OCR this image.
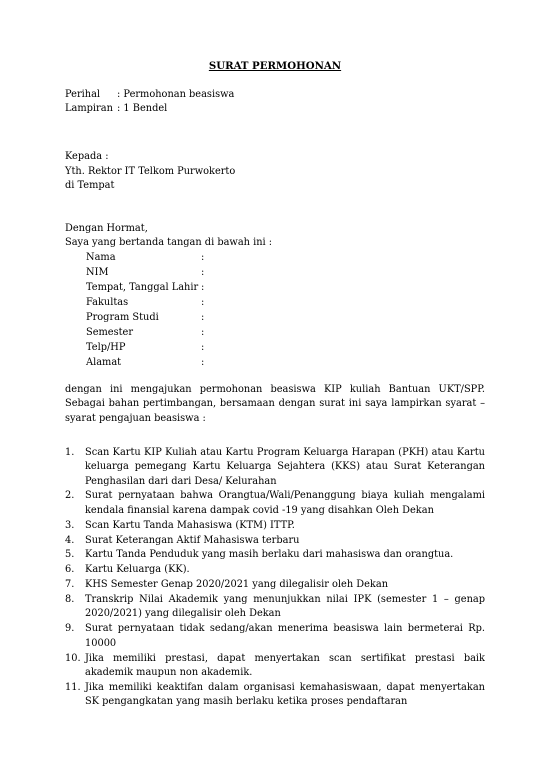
SURAT PERMOHONAN
Perihal : Permohonan beasiswa
Lampiran : 1 Bendel
Kepada :
Yth. Rektor IT Telkom Purwokerto
di Tempat
Dengan Hormat,
Saya yang bertanda tangan di bawah ini :
Nama	:
NIM	:
Tempat, Tanggal Lahir :
Fakultas	:
Program Studi	:
Semester	:
Telp/HP	:
Alamat	:
dengan ini mengajukan permohonan beasiswa KIP kuliah Bantuan UKT/SPP. Sebagai bahan pertimbangan, bersamaan dengan surat ini saya lampirkan syarat – syarat pengajuan beasiswa :
1.	Scan Kartu KIP Kuliah atau Kartu Program Keluarga Harapan (PKH) atau Kartu keluarga pemegang Kartu Keluarga Sejahtera (KKS) atau Surat Keterangan Penghasilan dari dari Desa/ Kelurahan
2.	Surat pernyataan bahwa Orangtua/Wali/Penanggung biaya kuliah mengalami kendala finansial karena dampak covid -19 yang disahkan Oleh Dekan
3.	Scan Kartu Tanda Mahasiswa (KTM) ITTP.
4.	Surat Keterangan Aktif Mahasiswa terbaru
5.	Kartu Tanda Penduduk yang masih berlaku dari mahasiswa dan orangtua.
6.	Kartu Keluarga (KK).
7.	KHS Semester Genap 2020/2021 yang dilegalisir oleh Dekan
8.	Transkrip Nilai Akademik yang menunjukkan nilai IPK (semester 1 – genap 2020/2021) yang dilegalisir oleh Dekan
9.	Surat pernyataan tidak sedang/akan menerima beasiswa lain bermeterai Rp. 10000
10. Jika memiliki prestasi, dapat menyertakan scan sertifikat prestasi baik akademik maupun non akademik.
11. Jika memiliki keaktifan dalam organisasi kemahasiswaan, dapat menyertakan SK pengangkatan yang masih berlaku ketika proses pendaftaran
